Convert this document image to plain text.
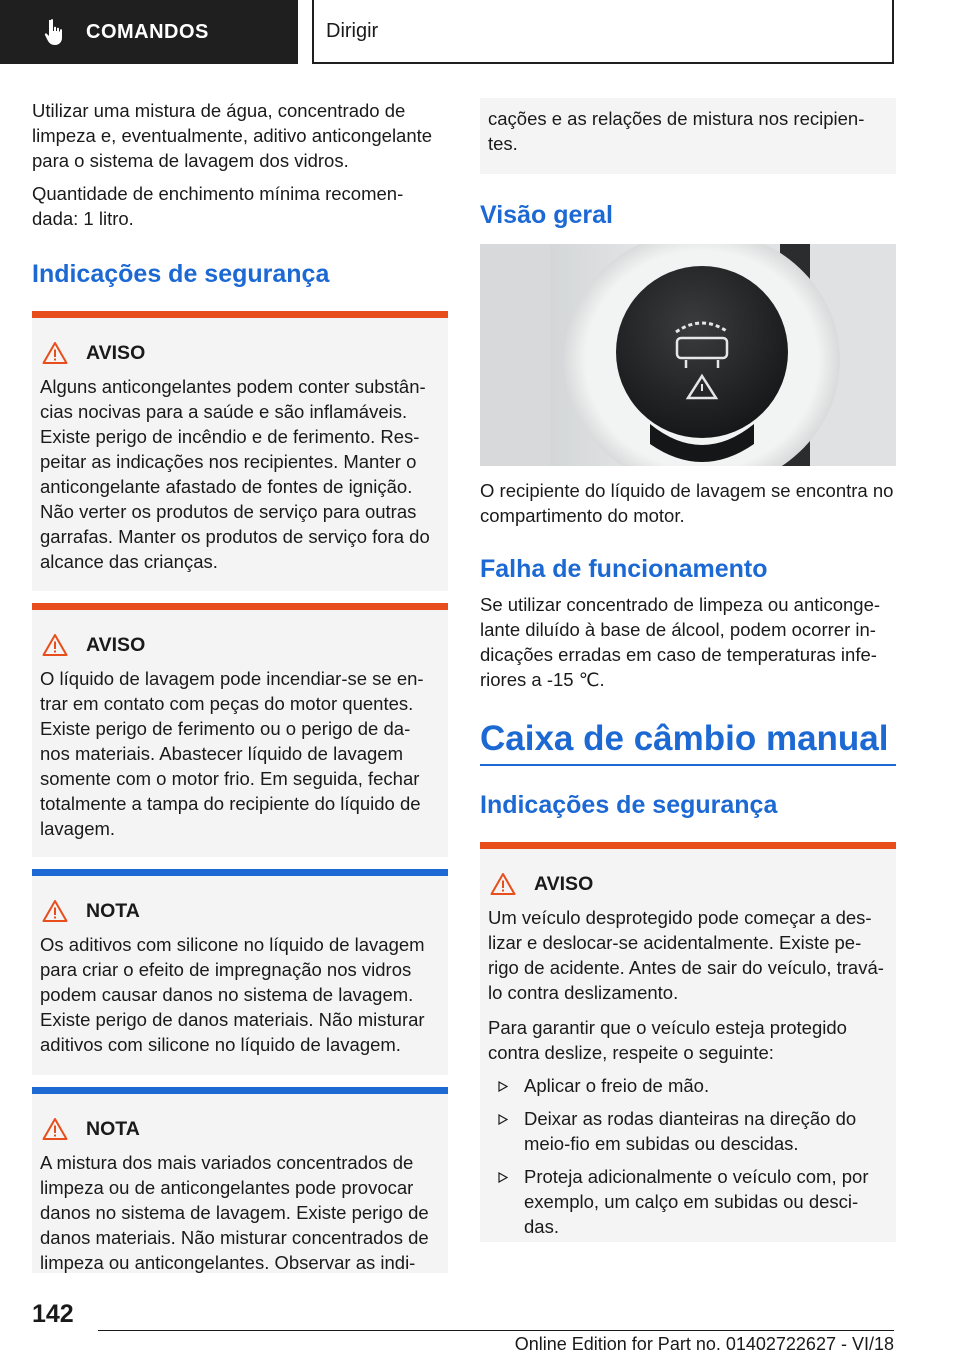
COMANDOS	Dirigir

Utilizar uma mistura de água, concentrado de limpeza e, eventualmente, aditivo anticongelante para o sistema de lavagem dos vidros.

Quantidade de enchimento mínima recomen-dada: 1 litro.

Indicações de segurança
AVISO

Alguns anticongelantes podem conter substân-cias nocivas para a saúde e são inflamáveis. Existe perigo de incêndio e de ferimento. Res-peitar as indicações nos recipientes. Manter o anticongelante afastado de fontes de ignição. Não verter os produtos de serviço para outras garrafas. Manter os produtos de serviço fora do alcance das crianças.

AVISO

O líquido de lavagem pode incendiar-se se en-trar em contato com peças do motor quentes. Existe perigo de ferimento ou o perigo de da-nos materiais. Abastecer líquido de lavagem somente com o motor frio. Em seguida, fechar totalmente a tampa do recipiente do líquido de lavagem.

NOTA

Os aditivos com silicone no líquido de lavagem para criar o efeito de impregnação nos vidros podem causar danos no sistema de lavagem. Existe perigo de danos materiais. Não misturar aditivos com silicone no líquido de lavagem.

NOTA

A mistura dos mais variados concentrados de limpeza ou de anticongelantes pode provocar danos no sistema de lavagem. Existe perigo de danos materiais. Não misturar concentrados de limpeza ou anticongelantes. Observar as indi-

cações e as relações de mistura nos recipien-tes.

Visão geral

O recipiente do líquido de lavagem se encontra no compartimento do motor.

Falha de funcionamento

Se utilizar concentrado de limpeza ou anticonge-lante diluído à base de álcool, podem ocorrer in-dicações erradas em caso de temperaturas infe-riores a -15 ℃.

Caixa de câmbio manual
Indicações de segurança
AVISO

Um veículo desprotegido pode começar a des-lizar e deslocar-se acidentalmente. Existe pe-rigo de acidente. Antes de sair do veículo, travá-lo contra deslizamento.

Para garantir que o veículo esteja protegido contra deslize, respeite o seguinte:

Aplicar o freio de mão.
Deixar as rodas dianteiras na direção do meio-fio em subidas ou descidas.
Proteja adicionalmente o veículo com, por exemplo, um calço em subidas ou desci-das.
142
Online Edition for Part no. 01402722627 - VI/18
